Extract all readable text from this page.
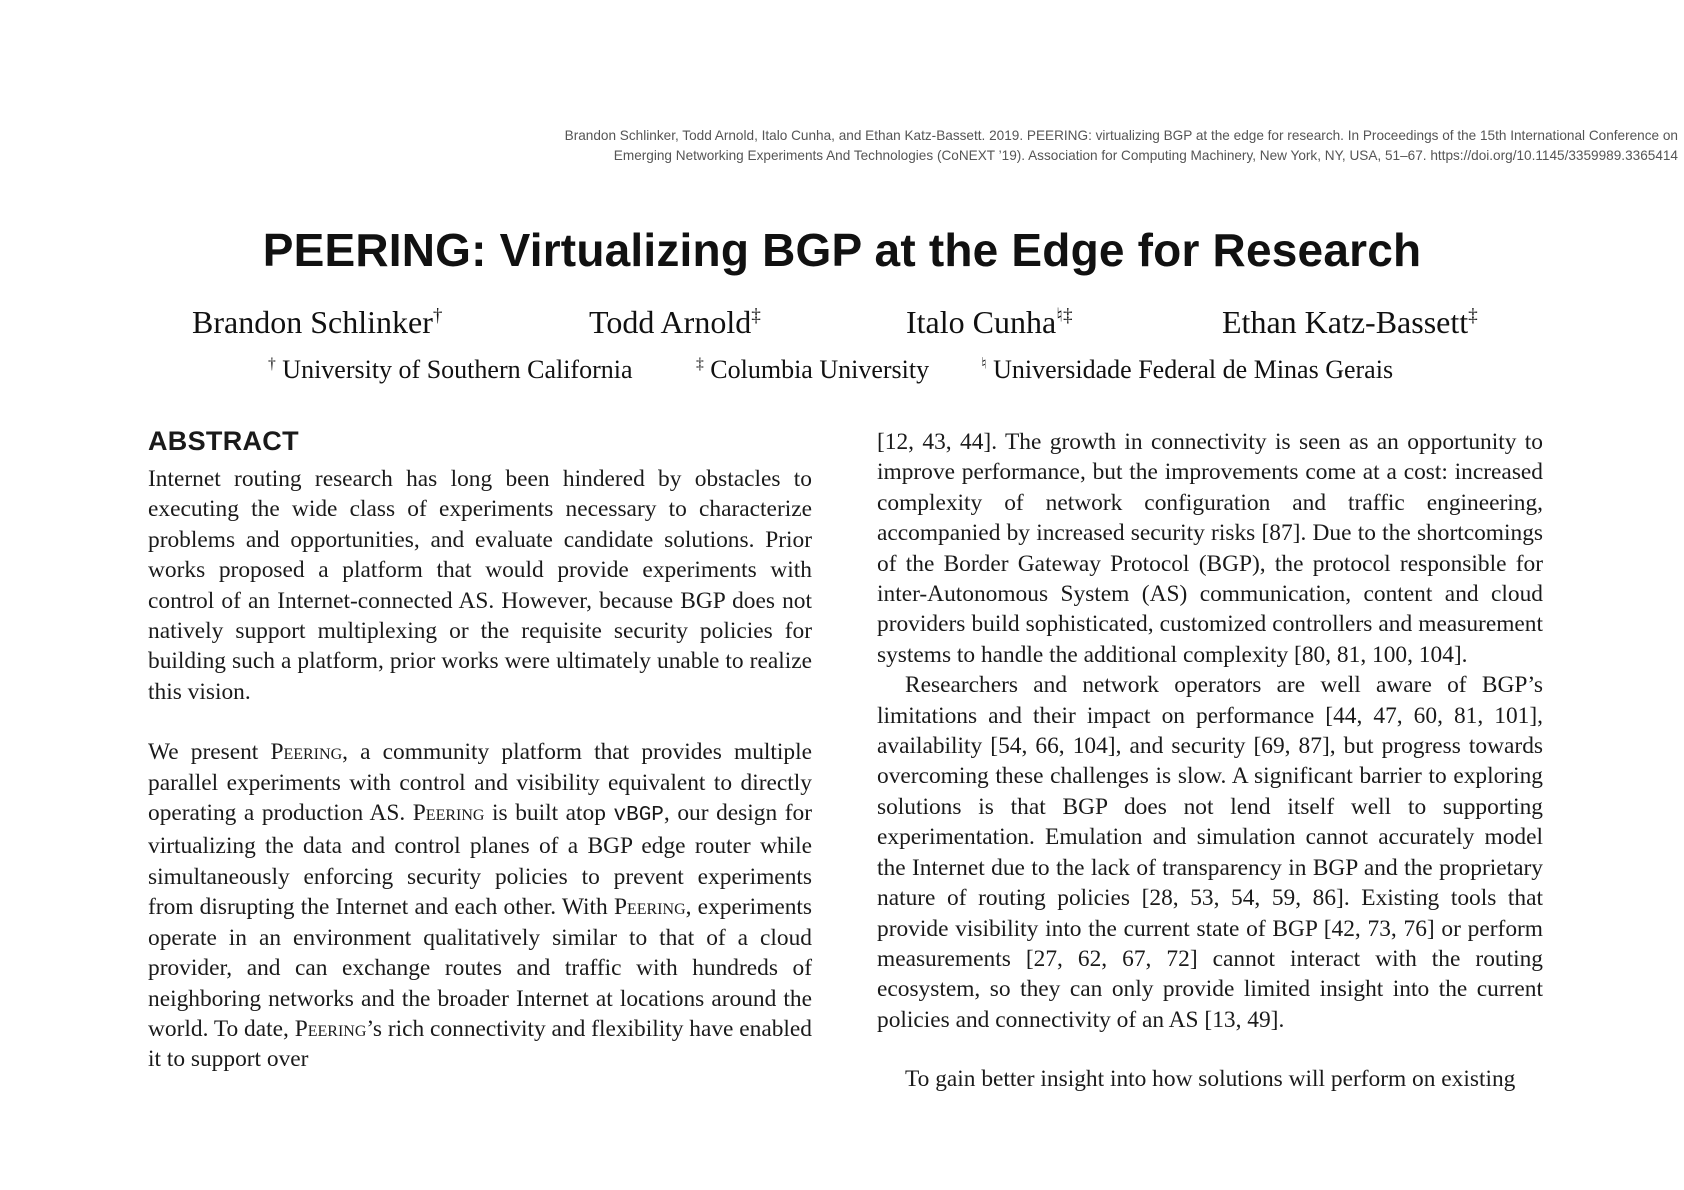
Brandon Schlinker, Todd Arnold, Italo Cunha, and Ethan Katz-Bassett. 2019. PEERING: virtualizing BGP at the edge for research. In Proceedings of the 15th International Conference on
Emerging Networking Experiments And Technologies (CoNEXT ’19). Association for Computing Machinery, New York, NY, USA, 51–67. https://doi.org/10.1145/3359989.3365414
PEERING: Virtualizing BGP at the Edge for Research
Brandon Schlinker†	Todd Arnold‡	Italo Cunha♮‡	Ethan Katz-Bassett‡
† University of Southern California	‡ Columbia University	♮ Universidade Federal de Minas Gerais
ABSTRACT

Internet routing research has long been hindered by obstacles to executing the wide class of experiments necessary to characterize problems and opportunities, and evaluate candidate solutions. Prior works proposed a platform that would provide experiments with control of an Internet-connected AS. However, because BGP does not natively support multiplexing or the requisite security policies for building such a platform, prior works were ultimately unable to realize this vision.

We present Peering, a community platform that provides multiple parallel experiments with control and visibility equivalent to directly operating a production AS. Peering is built atop vBGP, our design for virtualizing the data and control planes of a BGP edge router while simultaneously enforcing security policies to prevent experiments from disrupting the Internet and each other. With Peering, experiments operate in an environment qualitatively similar to that of a cloud provider, and can exchange routes and traffic with hundreds of neighboring networks and the broader Internet at locations around the world. To date, Peering’s rich connectivity and flexibility have enabled it to support over

[12, 43, 44]. The growth in connectivity is seen as an opportunity to improve performance, but the improvements come at a cost: increased complexity of network configuration and traffic engineering, accompanied by increased security risks [87]. Due to the shortcomings of the Border Gateway Protocol (BGP), the protocol responsible for inter-Autonomous System (AS) communication, content and cloud providers build sophisticated, customized controllers and measurement systems to handle the additional complexity [80, 81, 100, 104].

Researchers and network operators are well aware of BGP’s limitations and their impact on performance [44, 47, 60, 81, 101], availability [54, 66, 104], and security [69, 87], but progress towards overcoming these challenges is slow. A significant barrier to exploring solutions is that BGP does not lend itself well to supporting experimentation. Emulation and simulation cannot accurately model the Internet due to the lack of transparency in BGP and the proprietary nature of routing policies [28, 53, 54, 59, 86]. Existing tools that provide visibility into the current state of BGP [42, 73, 76] or perform measurements [27, 62, 67, 72] cannot interact with the routing ecosystem, so they can only provide limited insight into the current policies and connectivity of an AS [13, 49].

To gain better insight into how solutions will perform on existing
